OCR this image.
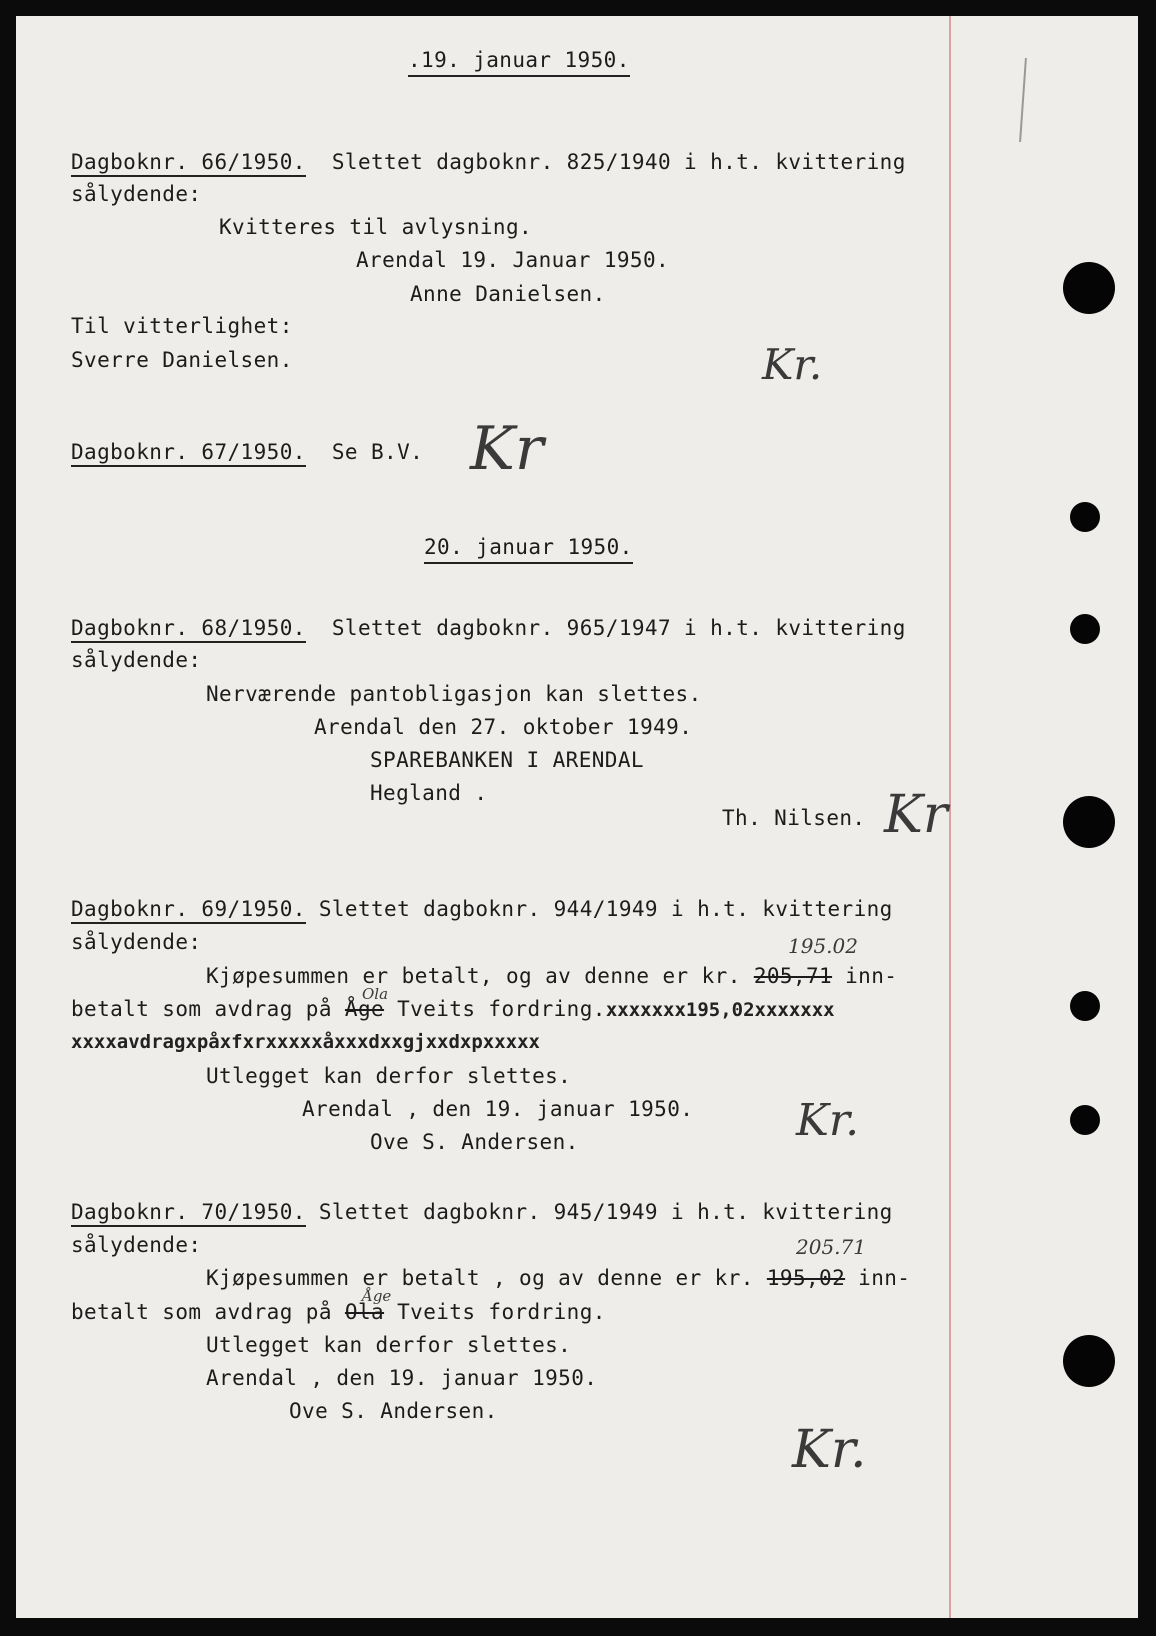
.19. januar 1950.
Dagboknr. 66/1950. Slettet dagboknr. 825/1940 i h.t. kvittering
sålydende:
Kvitteres til avlysning.
Arendal 19. Januar 1950.
Anne Danielsen.
Til vitterlighet:
Sverre Danielsen.	Kr.
Dagboknr. 67/1950. Se B.V. Kr
20. januar 1950.
Dagboknr. 68/1950. Slettet dagboknr. 965/1947 i h.t. kvittering
sålydende:
Nerværende pantobligasjon kan slettes.
Arendal den 27. oktober 1949.
SPAREBANKEN I ARENDAL
Hegland .
Th. Nilsen. Kr
Dagboknr. 69/1950. Slettet dagboknr. 944/1949 i h.t. kvittering
sålydende:	195.02
Kjøpesummen er betalt, og av denne er kr. 205,71 inn-
Ola
betalt som avdrag på Åge Tveits fordring.xxxxxxx195,02xxxxxxx
xxxxavdragxpåxfxrxxxxxåxxxdxxgjxxdxpxxxxx
Utlegget kan derfor slettes.
Arendal , den 19. januar 1950.
Ove S. Andersen.	Kr.
Dagboknr. 70/1950. Slettet dagboknr. 945/1949 i h.t. kvittering
sålydende:	205.71
Kjøpesummen er betalt , og av denne er kr. 195,02 inn-
Åge
betalt som avdrag på Ola Tveits fordring.
Utlegget kan derfor slettes.
Arendal , den 19. januar 1950.
Ove S. Andersen.
Kr.
